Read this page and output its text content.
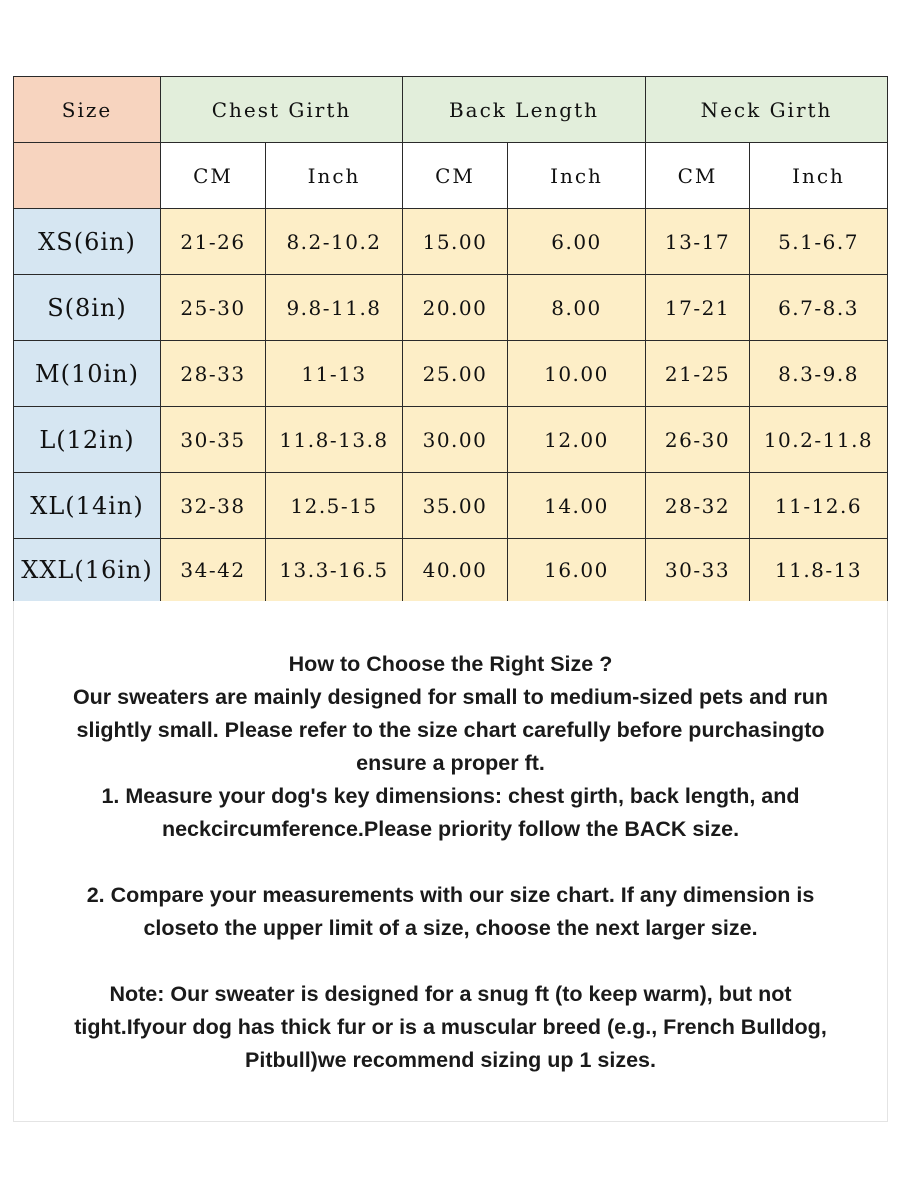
Size	Chest Girth		Back Length		Neck Girth	
	CM	Inch	CM	Inch	CM	Inch
XS(6in)	21-26	8.2-10.2	15.00	6.00	13-17	5.1-6.7
S(8in)	25-30	9.8-11.8	20.00	8.00	17-21	6.7-8.3
M(10in)	28-33	11-13	25.00	10.00	21-25	8.3-9.8
L(12in)	30-35	11.8-13.8	30.00	12.00	26-30	10.2-11.8
XL(14in)	32-38	12.5-15	35.00	14.00	28-32	11-12.6
XXL(16in)	34-42	13.3-16.5	40.00	16.00	30-33	11.8-13

How to Choose the Right Size ?

Our sweaters are mainly designed for small to medium-sized pets and run

slightly small. Please refer to the size chart carefully before purchasingto

ensure a proper ft.

1. Measure your dog's key dimensions: chest girth, back length, and

neckcircumference.Please priority follow the BACK size.

2. Compare your measurements with our size chart. If any dimension is

closeto the upper limit of a size, choose the next larger size.

Note: Our sweater is designed for a snug ft (to keep warm), but not

tight.Ifyour dog has thick fur or is a muscular breed (e.g., French Bulldog,

Pitbull)we recommend sizing up 1 sizes.
